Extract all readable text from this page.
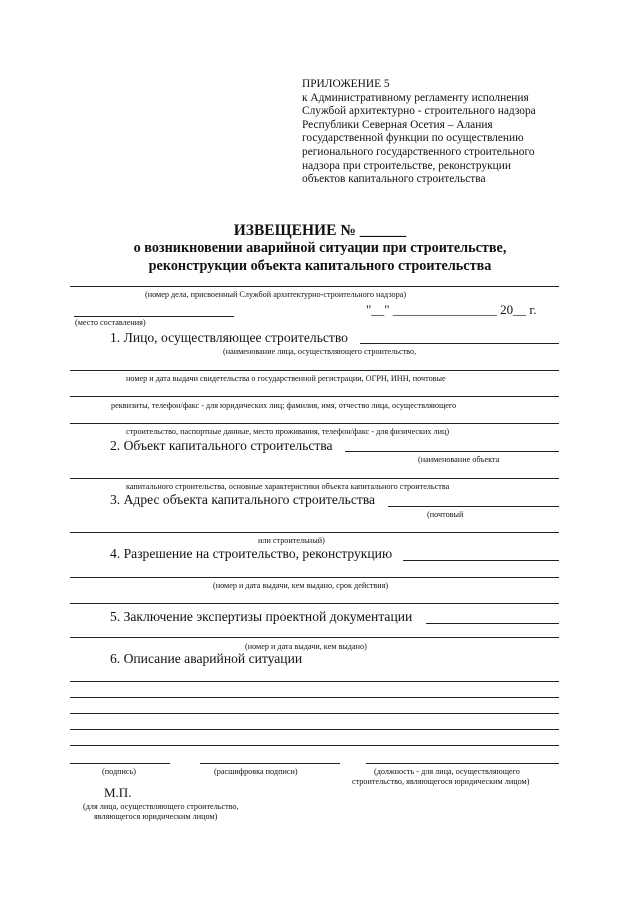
ПРИЛОЖЕНИЕ 5
к Административному регламенту исполнения
Службой архитектурно - строительного надзора
Республики Северная Осетия – Алания
государственной функции по осуществлению
регионального государственного строительного
надзора при строительстве, реконструкции
объектов капитального строительства
ИЗВЕЩЕНИЕ № ______
о возникновении аварийной ситуации при строительстве,
реконструкции объекта капитального строительства
(номер дела, присвоенный Службой архитектурно-строительного надзора)
"__" ________________ 20__ г.
(место составления)
1. Лицо, осуществляющее строительство
(наименование лица, осуществляющего строительство,
номер и дата выдачи свидетельства о государственной регистрации, ОГРН, ИНН, почтовые
реквизиты, телефон/факс - для юридических лиц; фамилия, имя, отчество лица, осуществляющего
строительство, паспортные данные, место проживания, телефон/факс - для физических лиц)
2. Объект капитального строительства
(наименование объекта
капитального строительства, основные характеристики объекта капитального строительства
3. Адрес объекта капитального строительства
(почтовый
или строительный)
4. Разрешение на строительство, реконструкцию
(номер и дата выдачи, кем выдано, срок действия)
5. Заключение экспертизы проектной документации
(номер и дата выдачи, кем выдано)
6. Описание аварийной ситуации
(подпись)	(расшифровка подписи)	(должность - для лица, осуществляющего
строительство, являющегося юридическим лицом)
М.П.
(для лица, осуществляющего строительство,
являющегося юридическим лицом)
